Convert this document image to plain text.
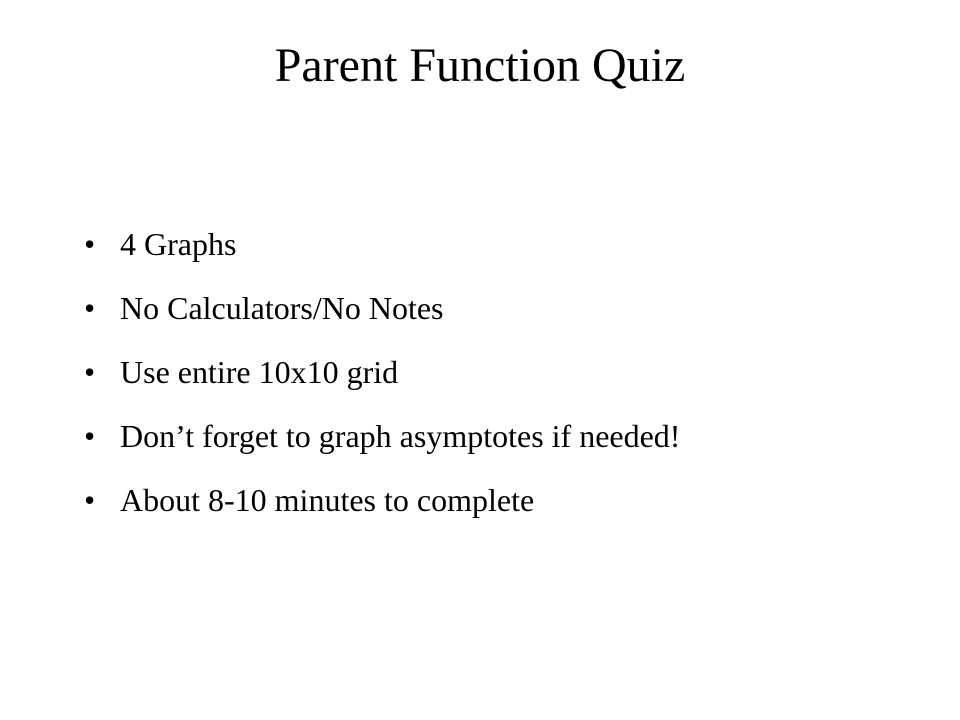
Parent Function Quiz
• 4 Graphs
• No Calculators/No Notes
• Use entire 10x10 grid
• Don’t forget to graph asymptotes if needed!
• About 8-10 minutes to complete
